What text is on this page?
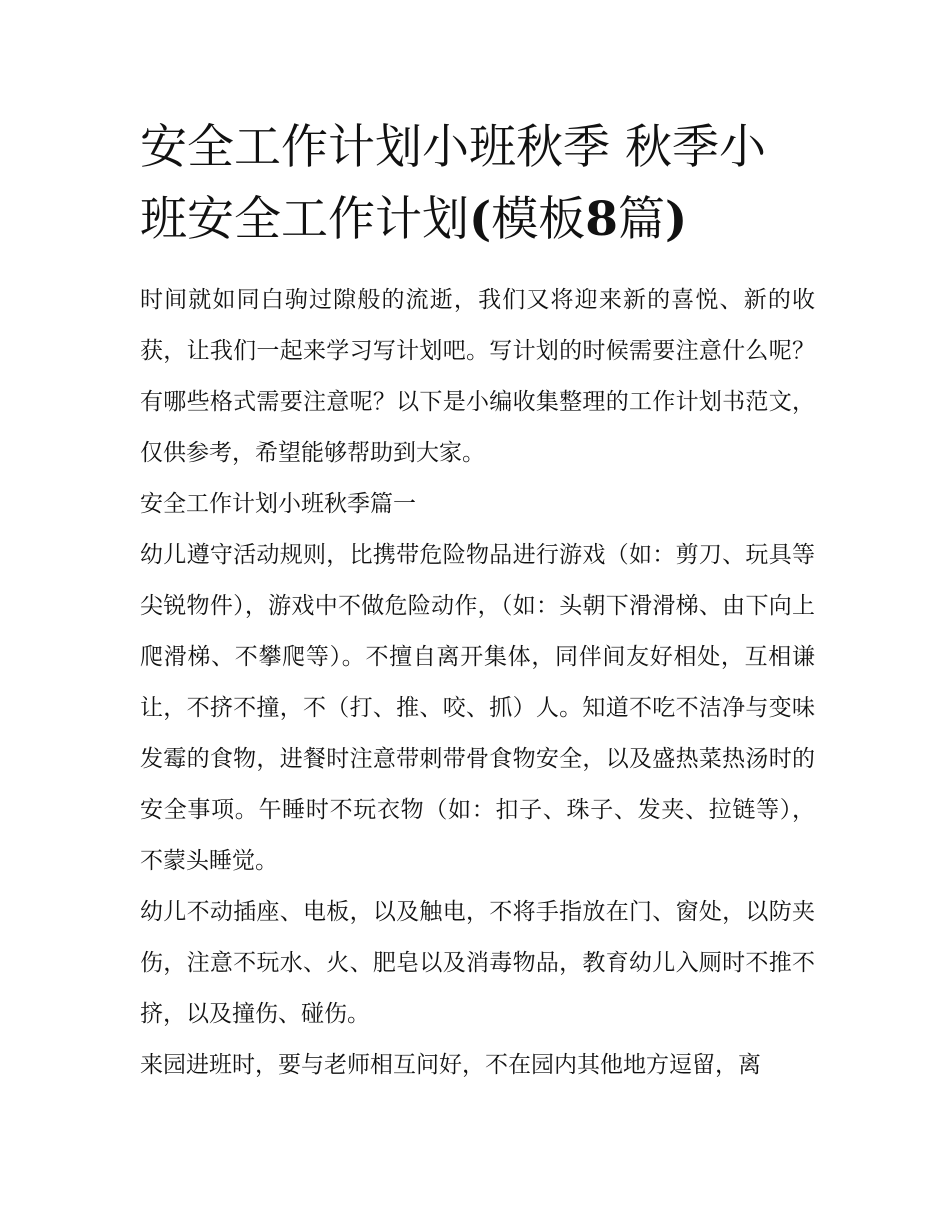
安全工作计划小班秋季 秋季小
班安全工作计划(模板8篇)

时间就如同白驹过隙般的流逝，我们又将迎来新的喜悦、新的收获，让我们一起来学习写计划吧。写计划的时候需要注意什么呢？有哪些格式需要注意呢？以下是小编收集整理的工作计划书范文，仅供参考，希望能够帮助到大家。

安全工作计划小班秋季篇一

幼儿遵守活动规则，比携带危险物品进行游戏（如：剪刀、玩具等尖锐物件），游戏中不做危险动作，（如：头朝下滑滑梯、由下向上爬滑梯、不攀爬等）。不擅自离开集体，同伴间友好相处，互相谦让，不挤不撞，不（打、推、咬、抓）人。知道不吃不洁净与变味发霉的食物，进餐时注意带刺带骨食物安全，以及盛热菜热汤时的安全事项。午睡时不玩衣物（如：扣子、珠子、发夹、拉链等），不蒙头睡觉。

幼儿不动插座、电板，以及触电，不将手指放在门、窗处，以防夹伤，注意不玩水、火、肥皂以及消毒物品，教育幼儿入厕时不推不挤，以及撞伤、碰伤。

来园进班时，要与老师相互问好，不在园内其他地方逗留，离
